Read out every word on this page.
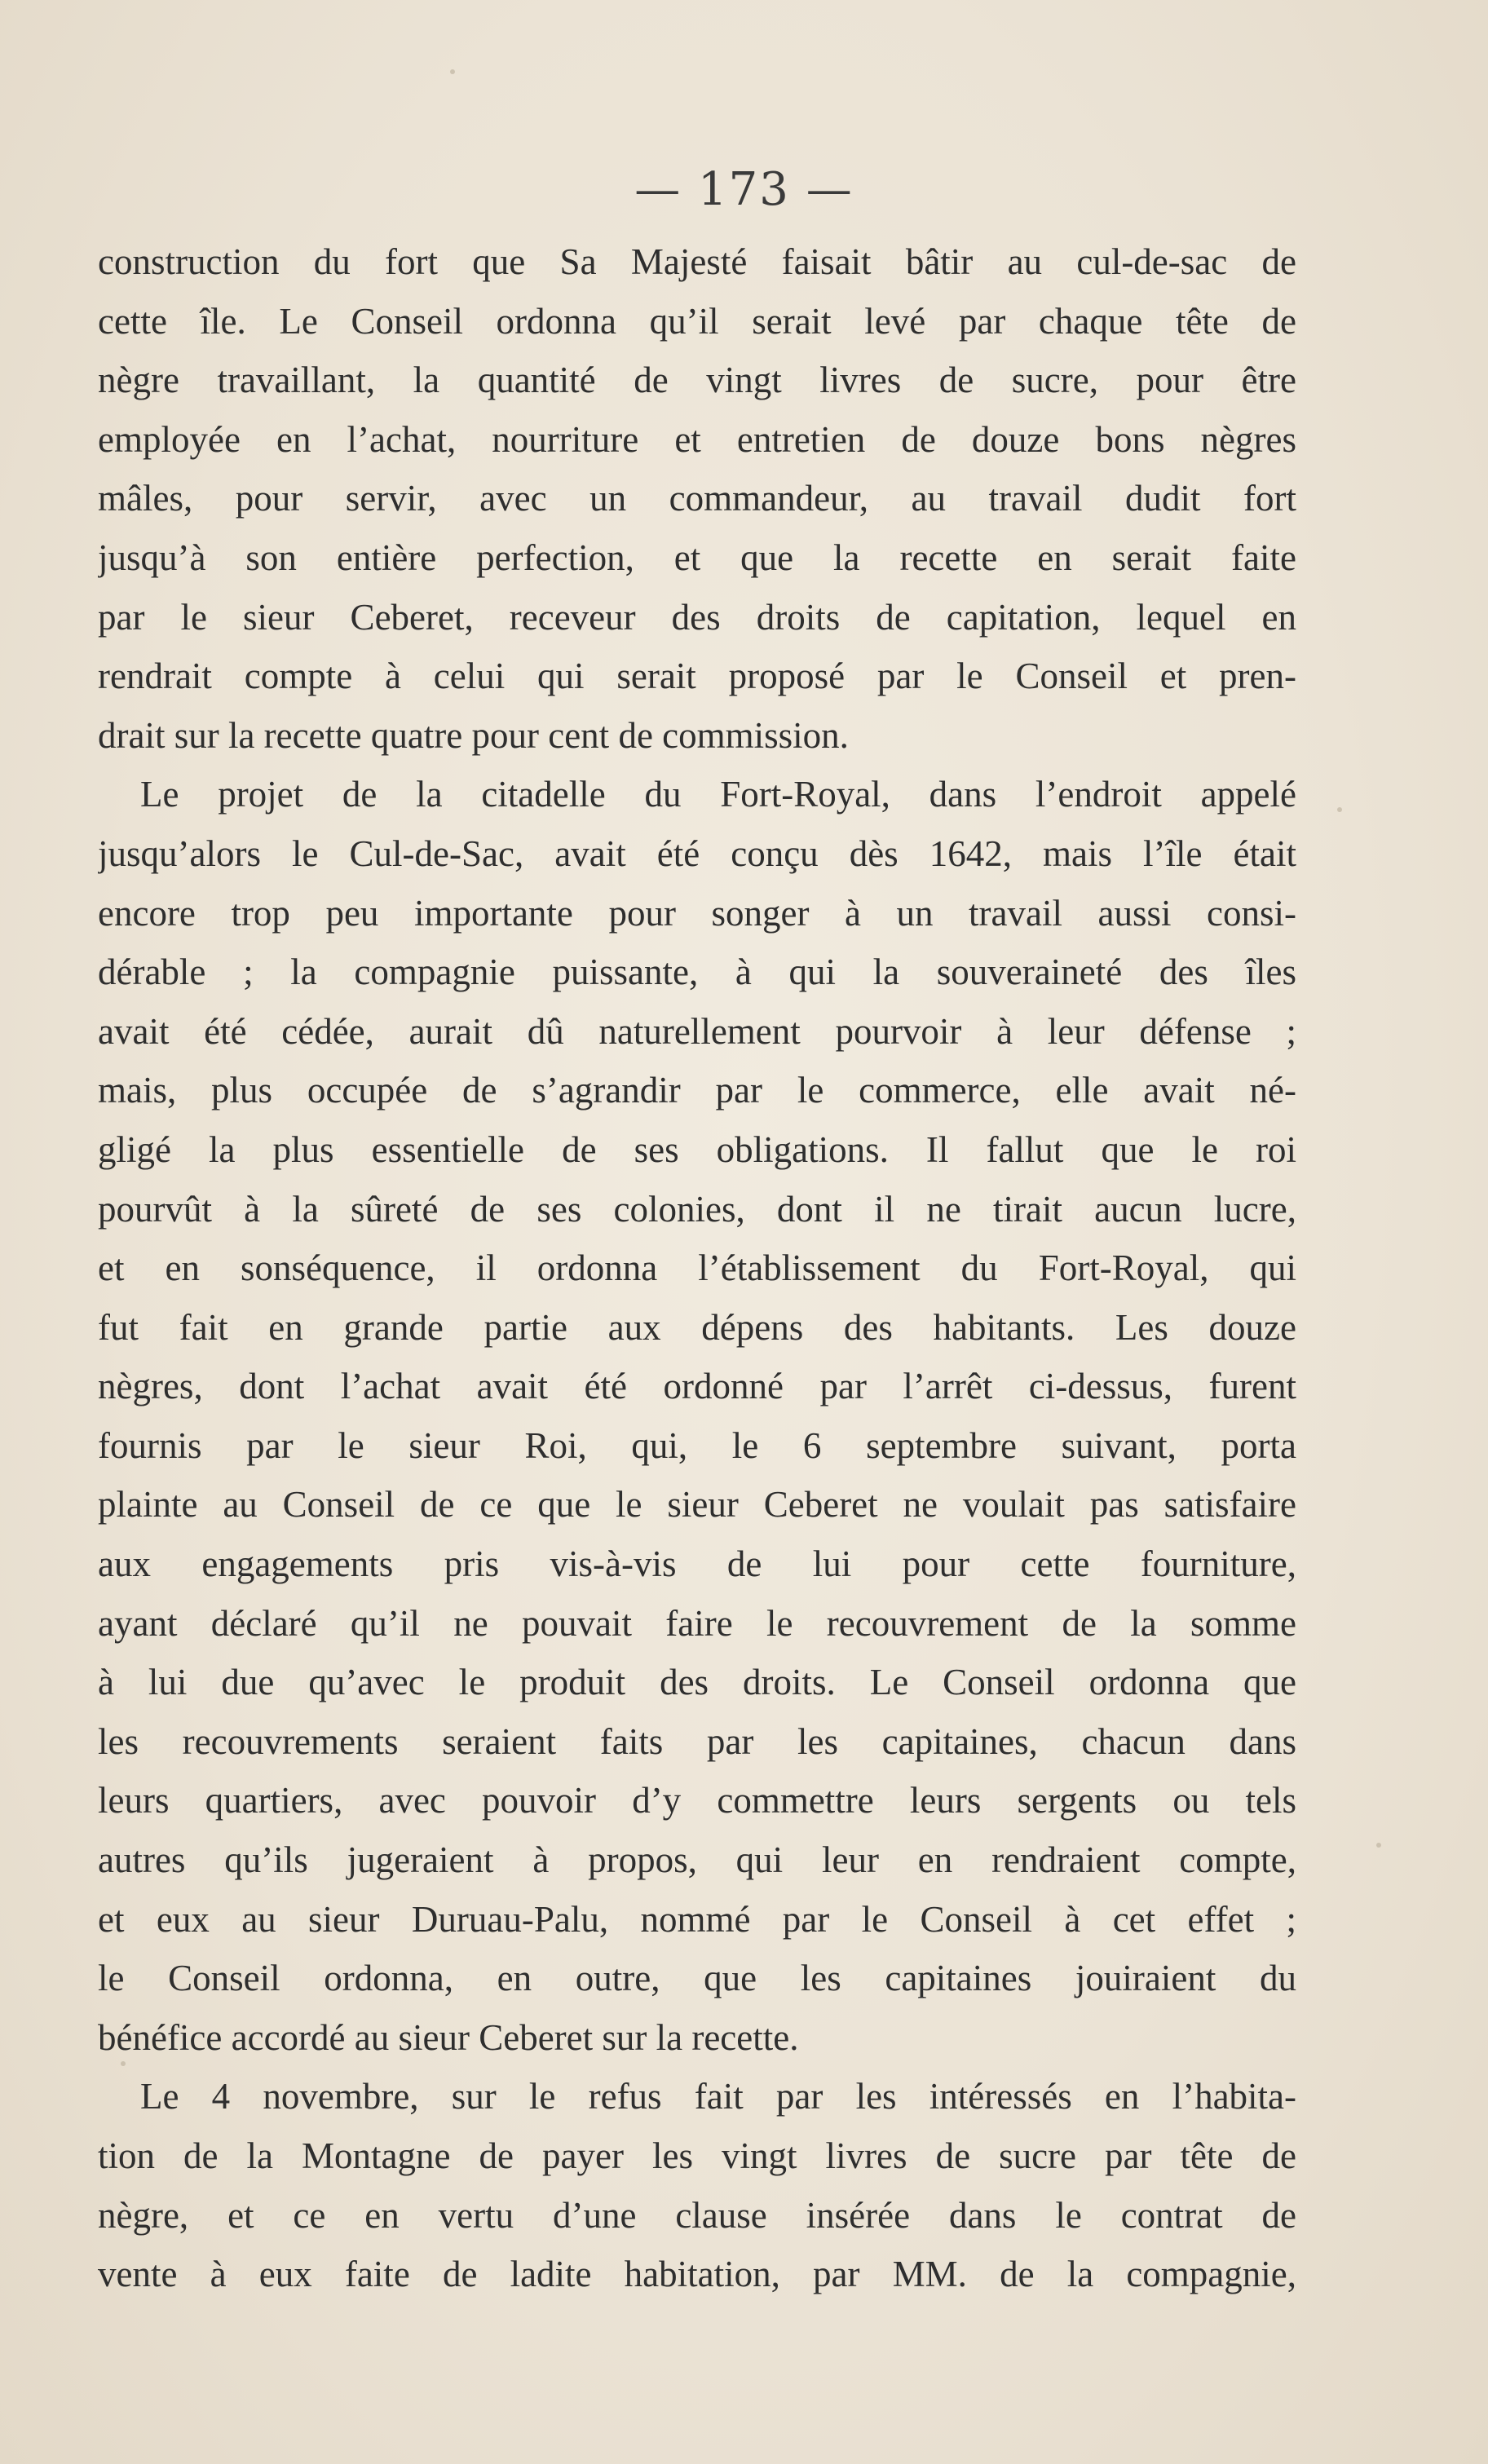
— 173 —
construction du fort que Sa Majesté faisait bâtir au cul-de-sac de
cette île. Le Conseil ordonna qu’il serait levé par chaque tête de
nègre travaillant, la quantité de vingt livres de sucre, pour être
employée en l’achat, nourriture et entretien de douze bons nègres
mâles, pour servir, avec un commandeur, au travail dudit fort
jusqu’à son entière perfection, et que la recette en serait faite
par le sieur Ceberet, receveur des droits de capitation, lequel en
rendrait compte à celui qui serait proposé par le Conseil et pren-
drait sur la recette quatre pour cent de commission.
Le projet de la citadelle du Fort-Royal, dans l’endroit appelé
jusqu’alors le Cul-de-Sac, avait été conçu dès 1642, mais l’île était
encore trop peu importante pour songer à un travail aussi consi-
dérable ; la compagnie puissante, à qui la souveraineté des îles
avait été cédée, aurait dû naturellement pourvoir à leur défense ;
mais, plus occupée de s’agrandir par le commerce, elle avait né-
gligé la plus essentielle de ses obligations. Il fallut que le roi
pourvût à la sûreté de ses colonies, dont il ne tirait aucun lucre,
et en sonséquence, il ordonna l’établissement du Fort-Royal, qui
fut fait en grande partie aux dépens des habitants. Les douze
nègres, dont l’achat avait été ordonné par l’arrêt ci-dessus, furent
fournis par le sieur Roi, qui, le 6 septembre suivant, porta
plainte au Conseil de ce que le sieur Ceberet ne voulait pas satisfaire
aux engagements pris vis-à-vis de lui pour cette fourniture,
ayant déclaré qu’il ne pouvait faire le recouvrement de la somme
à lui due qu’avec le produit des droits. Le Conseil ordonna que
les recouvrements seraient faits par les capitaines, chacun dans
leurs quartiers, avec pouvoir d’y commettre leurs sergents ou tels
autres qu’ils jugeraient à propos, qui leur en rendraient compte,
et eux au sieur Duruau-Palu, nommé par le Conseil à cet effet ;
le Conseil ordonna, en outre, que les capitaines jouiraient du
bénéfice accordé au sieur Ceberet sur la recette.
Le 4 novembre, sur le refus fait par les intéressés en l’habita-
tion de la Montagne de payer les vingt livres de sucre par tête de
nègre, et ce en vertu d’une clause insérée dans le contrat de
vente à eux faite de ladite habitation, par MM. de la compagnie,
